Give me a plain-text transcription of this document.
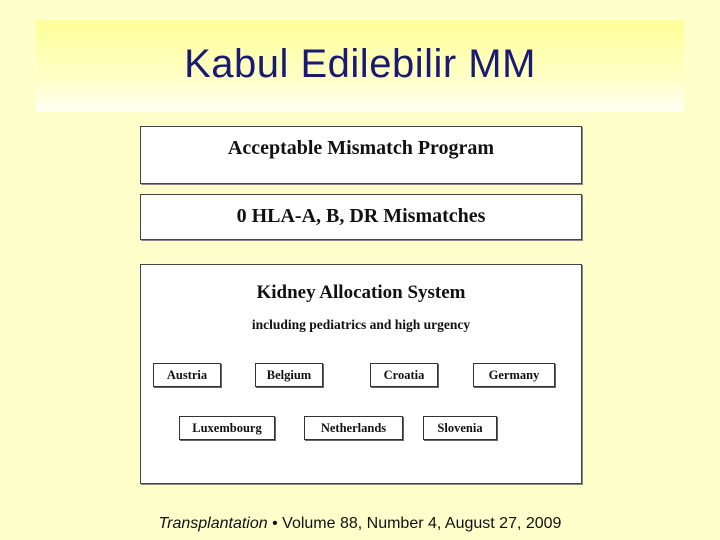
Kabul Edilebilir MM
Acceptable Mismatch Program
0 HLA-A, B, DR Mismatches
Kidney Allocation System
including pediatrics and high urgency
Austria	Belgium	Croatia	Germany
Luxembourg	Netherlands	Slovenia
Transplantation • Volume 88, Number 4, August 27, 2009
